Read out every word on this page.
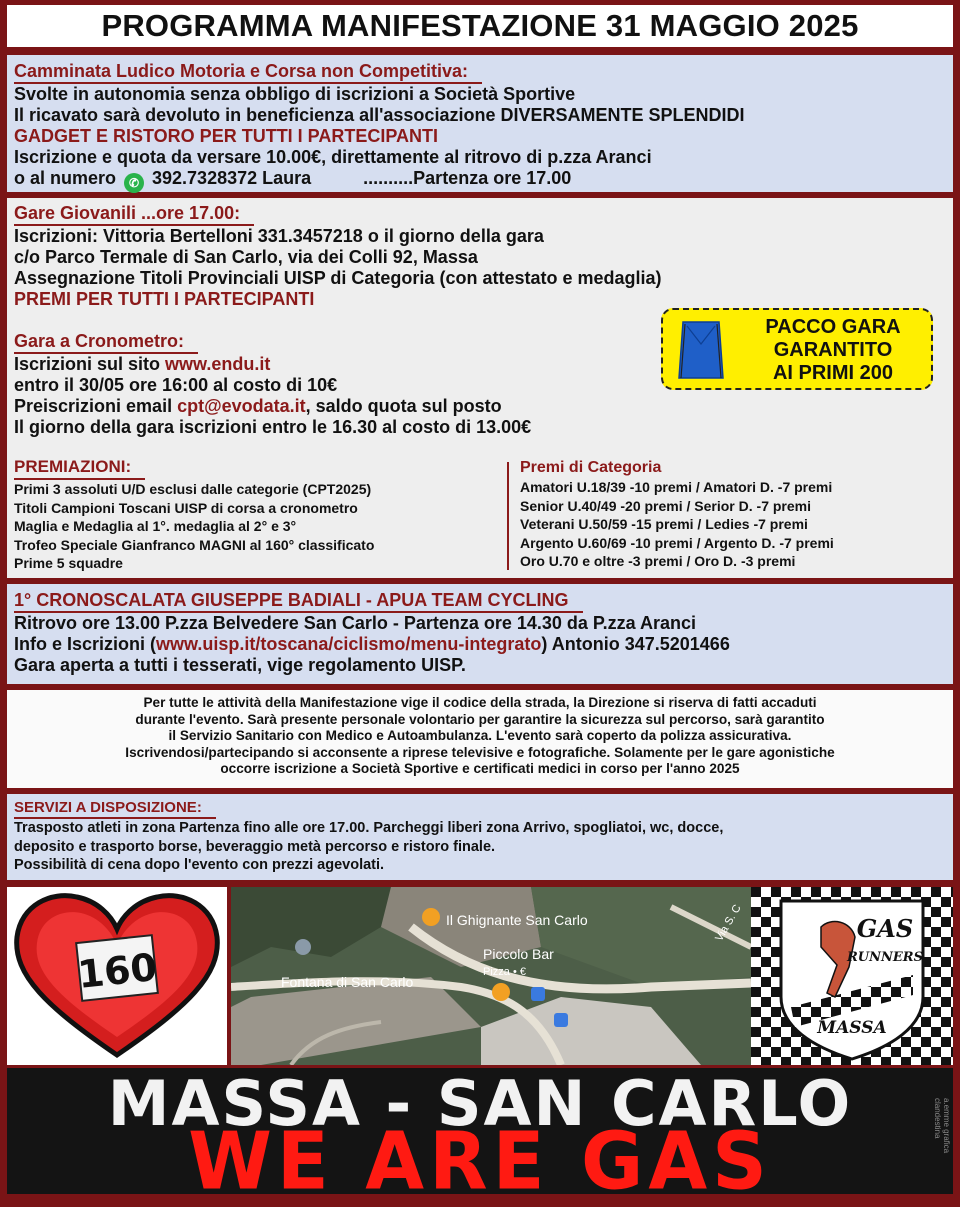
PROGRAMMA MANIFESTAZIONE 31 MAGGIO 2025
Camminata Ludico Motoria e Corsa non Competitiva:
Svolte in autonomia senza obbligo di iscrizioni a Società Sportive
Il ricavato sarà devoluto in beneficienza all'associazione DIVERSAMENTE SPLENDIDI
GADGET E RISTORO PER TUTTI I PARTECIPANTI
Iscrizione e quota da versare 10.00€, direttamente al ritrovo di p.zza Aranci
o al numero ✆ 392.7328372 Laura	..........Partenza ore 17.00
Gare Giovanili ...ore 17.00:
Iscrizioni: Vittoria Bertelloni 331.3457218 o il giorno della gara
c/o Parco Termale di San Carlo, via dei Colli 92, Massa
Assegnazione Titoli Provinciali UISP di Categoria (con attestato e medaglia)
PREMI PER TUTTI I PARTECIPANTI
Gara a Cronometro:
Iscrizioni sul sito www.endu.it
entro il 30/05 ore 16:00 al costo di 10€
Preiscrizioni email cpt@evodata.it, saldo quota sul posto
Il giorno della gara iscrizioni entro le 16.30 al costo di 13.00€
PACCO GARA
GARANTITO
AI PRIMI 200
PREMIAZIONI:
Primi 3 assoluti U/D esclusi dalle categorie (CPT2025)
Titoli Campioni Toscani UISP di corsa a cronometro
Maglia e Medaglia al 1°. medaglia al 2° e 3°
Trofeo Speciale Gianfranco MAGNI al 160° classificato
Prime 5 squadre
Premi di Categoria
Amatori U.18/39 -10 premi / Amatori D. -7 premi
Senior U.40/49 -20 premi / Serior D. -7 premi
Veterani U.50/59 -15 premi / Ledies -7 premi
Argento U.60/69 -10 premi / Argento D. -7 premi
Oro U.70 e oltre -3 premi / Oro D. -3 premi
1° CRONOSCALATA GIUSEPPE BADIALI - APUA TEAM CYCLING
Ritrovo ore 13.00 P.zza Belvedere San Carlo - Partenza ore 14.30 da P.zza Aranci
Info e Iscrizioni (www.uisp.it/toscana/ciclismo/menu-integrato) Antonio 347.5201466
Gara aperta a tutti i tesserati, vige regolamento UISP.
Per tutte le attività della Manifestazione vige il codice della strada, la Direzione si riserva di fatti accaduti
durante l'evento. Sarà presente personale volontario per garantire la sicurezza sul percorso, sarà garantito
il Servizio Sanitario con Medico e Autoambulanza. L'evento sarà coperto da polizza assicurativa.
Iscrivendosi/partecipando si acconsente a riprese televisive e fotografiche. Solamente per le gare agonistiche
occorre iscrizione a Società Sportive e certificati medici in corso per l'anno 2025
SERVIZI A DISPOSIZIONE:
Trasposto atleti in zona Partenza fino alle ore 17.00. Parcheggi liberi zona Arrivo, spogliatoi, wc, docce,
deposito e trasporto borse, beveraggio metà percorso e ristoro finale.
Possibilità di cena dopo l'evento con prezzi agevolati.
160
Il Ghignante San Carlo
Piccolo Bar
Pizza • €
Fontana di San Carlo
Via S. C	GAS
RUNNERS
MASSA
MASSA - SAN CARLO
WE ARE GAS	a.emme grafica clandestina
